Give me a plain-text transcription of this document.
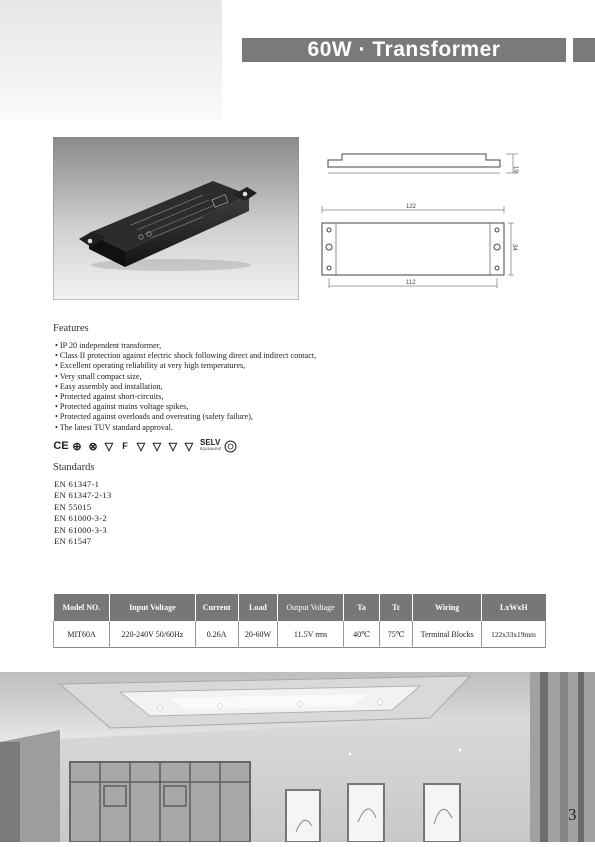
60W · Transformer
19
122
34
112
Features
• IP 20 independent transformer,
• Class II protection against electric shock following direct and indirect contact,
• Excellent operating reliability at very high temperatures,
• Very small compact size,
• Easy assembly and installation,
• Protected against short-circuits,
• Protected against mains voltage spikes,
• Protected against overloads and overeating (safety failure),
• The latest TUV standard approval.
CE ⊕ ⊗ ▽	F ▽ ▽ ▽ ▽ SELV
EQUIVALENT
Standards
EN 61347-1
EN 61347-2-13
EN 55015
EN 61000-3-2
EN 61000-3-3
EN 61547
Model NO.	Input Voltage	Current	Load	Output Voltage	Ta	Tc	Wiring	LxWxH
MIT60A	220-240V 50/60Hz	0.26A	20-60W	11.5V rms	40℃	75℃	Terminal Blocks	122x33x19mm
3
